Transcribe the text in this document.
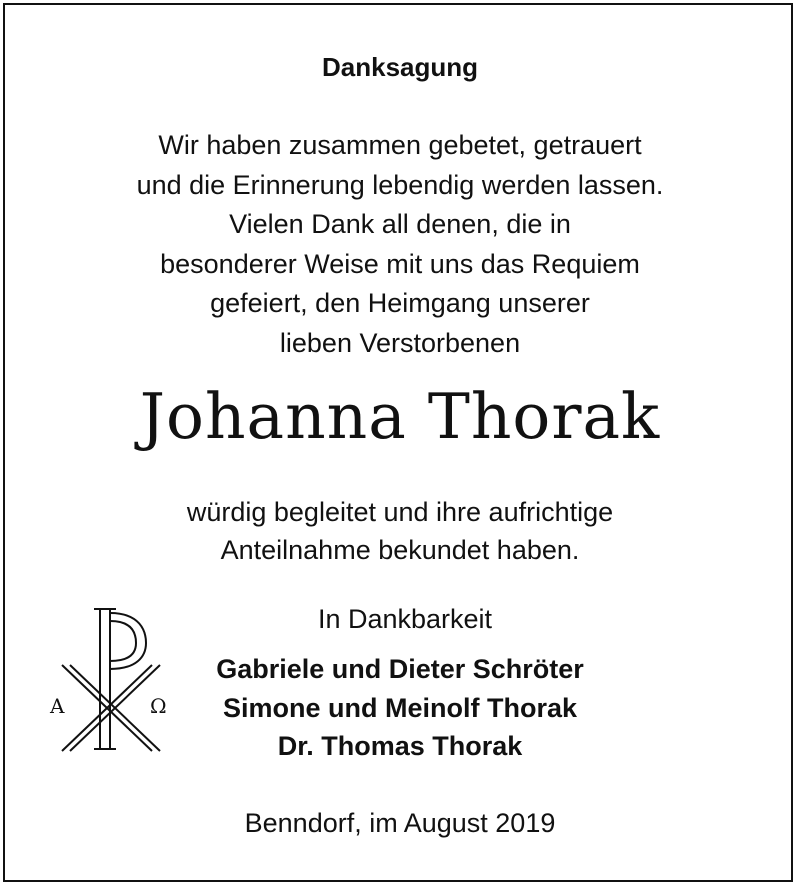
Danksagung
Wir haben zusammen gebetet, getrauert
und die Erinnerung lebendig werden lassen.
Vielen Dank all denen, die in
besonderer Weise mit uns das Requiem
gefeiert, den Heimgang unserer
lieben Verstorbenen
Johanna Thorak
würdig begleitet und ihre aufrichtige
Anteilnahme bekundet haben.
In Dankbarkeit
A	Ω
Gabriele und Dieter Schröter
Simone und Meinolf Thorak
Dr. Thomas Thorak
Benndorf, im August 2019
